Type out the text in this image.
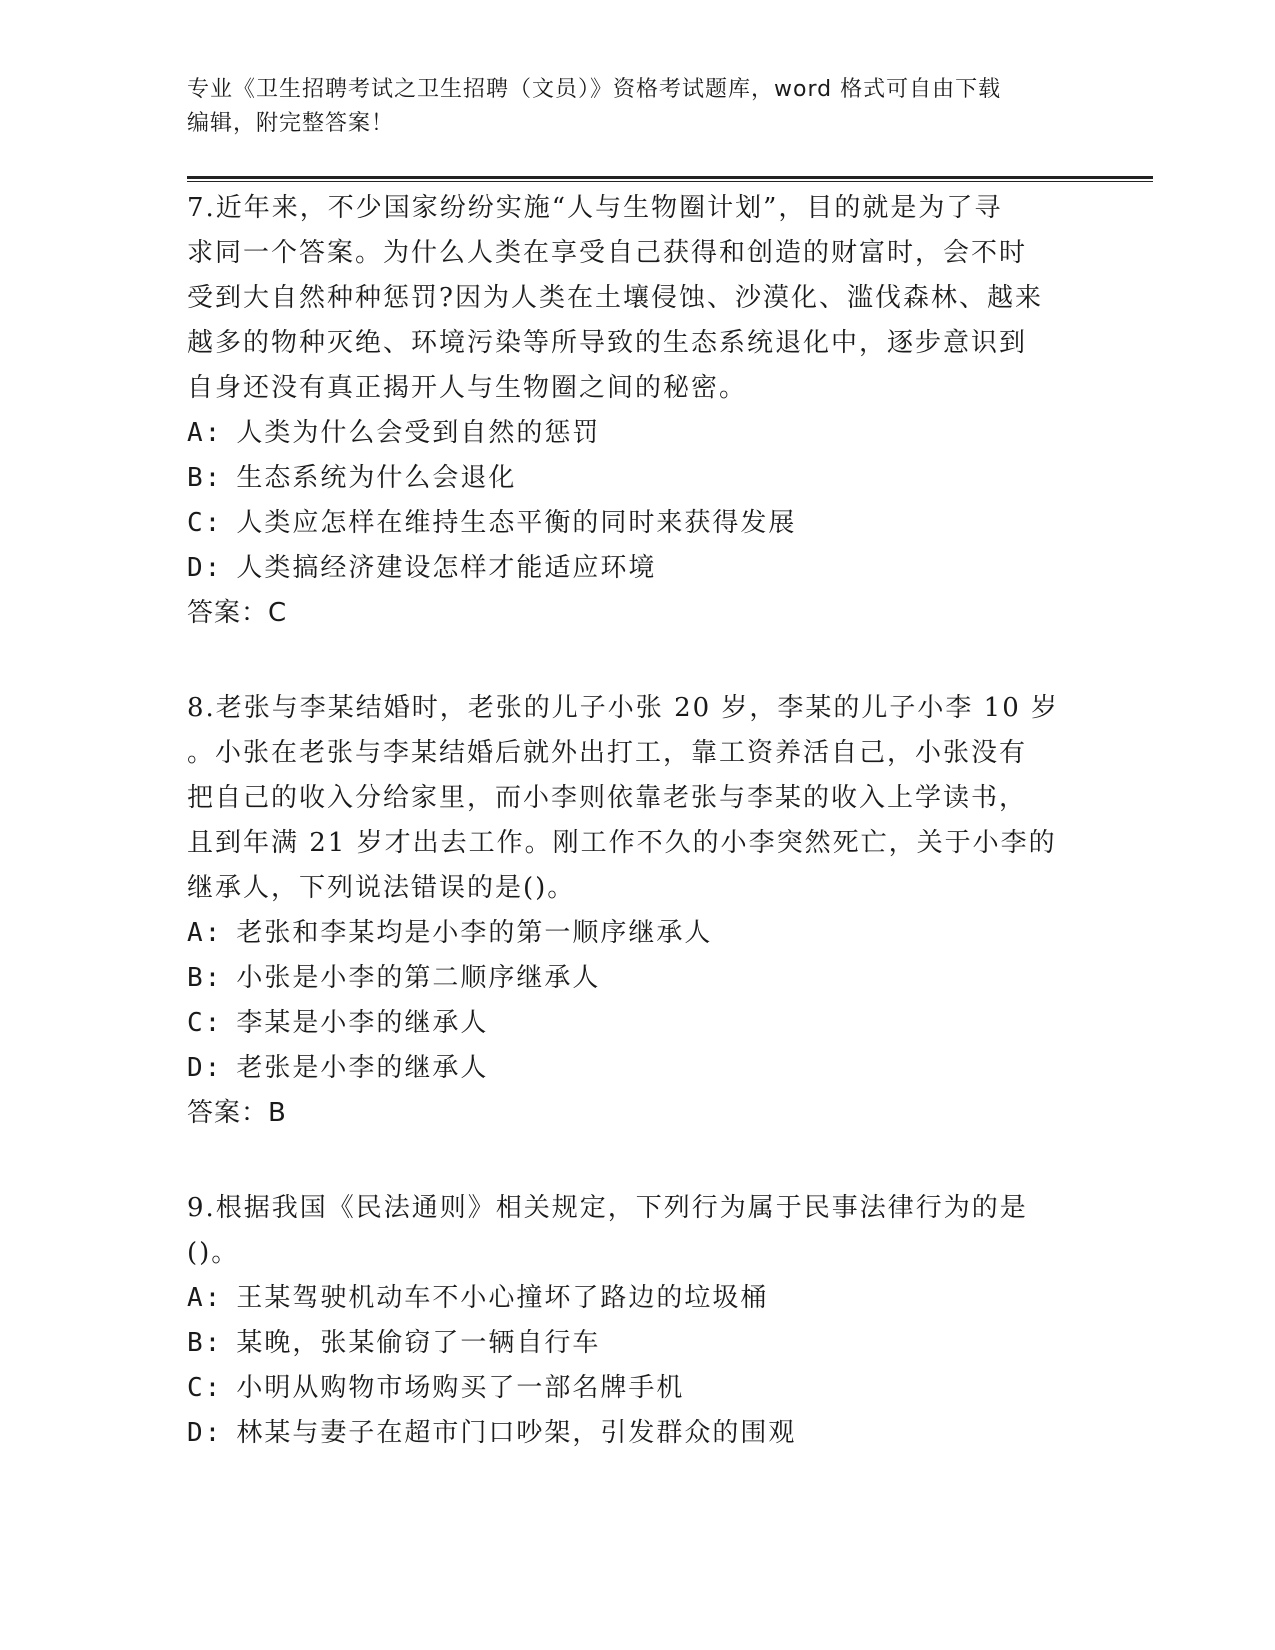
专业《卫生招聘考试之卫生招聘（文员）》资格考试题库，word 格式可自由下载
编辑，附完整答案！
7.近年来，不少国家纷纷实施“人与生物圈计划”，目的就是为了寻
求同一个答案。为什么人类在享受自己获得和创造的财富时，会不时
受到大自然种种惩罚?因为人类在土壤侵蚀、沙漠化、滥伐森林、越来
越多的物种灭绝、环境污染等所导致的生态系统退化中，逐步意识到
自身还没有真正揭开人与生物圈之间的秘密。
A: 人类为什么会受到自然的惩罚
B: 生态系统为什么会退化
C: 人类应怎样在维持生态平衡的同时来获得发展
D: 人类搞经济建设怎样才能适应环境
答案：C
8.老张与李某结婚时，老张的儿子小张 20 岁，李某的儿子小李 10 岁
。小张在老张与李某结婚后就外出打工，靠工资养活自己，小张没有
把自己的收入分给家里，而小李则依靠老张与李某的收入上学读书，
且到年满 21 岁才出去工作。刚工作不久的小李突然死亡，关于小李的
继承人，下列说法错误的是()。
A: 老张和李某均是小李的第一顺序继承人
B: 小张是小李的第二顺序继承人
C: 李某是小李的继承人
D: 老张是小李的继承人
答案：B
9.根据我国《民法通则》相关规定，下列行为属于民事法律行为的是
()。
A: 王某驾驶机动车不小心撞坏了路边的垃圾桶
B: 某晚，张某偷窃了一辆自行车
C: 小明从购物市场购买了一部名牌手机
D: 林某与妻子在超市门口吵架，引发群众的围观
